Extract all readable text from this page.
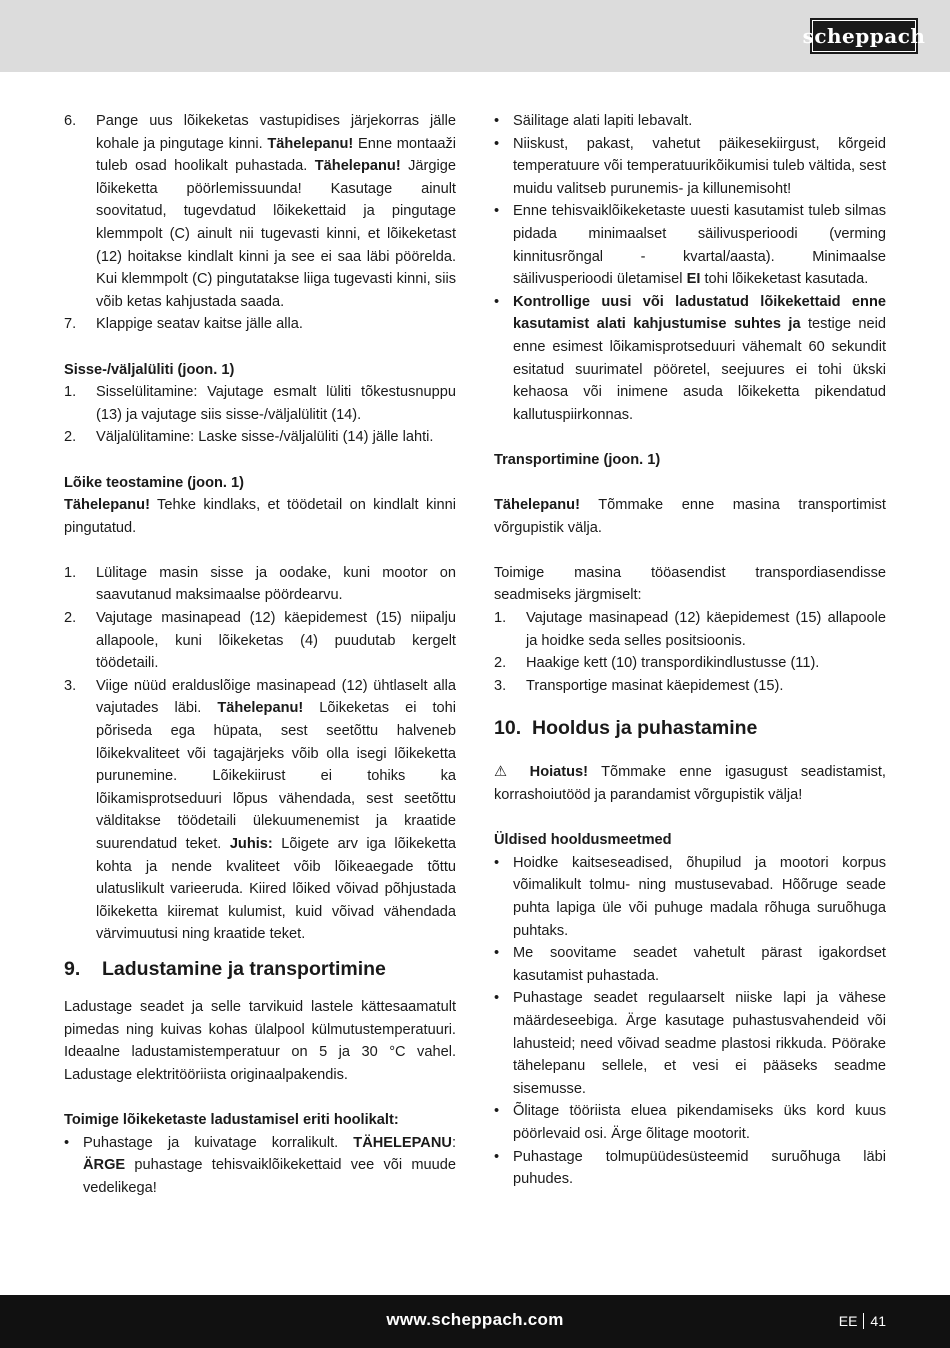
scheppach
6. Pange uus lõikeketas vastupidises järjekorras jälle kohale ja pingutage kinni. Tähelepanu! Enne montaaži tuleb osad hoolikalt puhastada. Tähelepanu! Järgige lõikeketta pöörlemissuunda! Kasutage ainult soovitatud, tugevdatud lõikekettaid ja pingutage klemmpolt (C) ainult nii tugevasti kinni, et lõikeketast (12) hoitakse kindlalt kinni ja see ei saa läbi pöörelda. Kui klemmpolt (C) pingutatakse liiga tugevasti kinni, siis võib ketas kahjustada saada.
7. Klappige seatav kaitse jälle alla.

Sisse-/väljalüliti (joon. 1)

1. Sisselülitamine: Vajutage esmalt lüliti tõkestusnuppu (13) ja vajutage siis sisse-/väljalülitit (14).
2. Väljalülitamine: Laske sisse-/väljalüliti (14) jälle lahti.

Lõike teostamine (joon. 1)

Tähelepanu! Tehke kindlaks, et töödetail on kindlalt kinni pingutatud.

1. Lülitage masin sisse ja oodake, kuni mootor on saavutanud maksimaalse pöördearvu.
2. Vajutage masinapead (12) käepidemest (15) niipalju allapoole, kuni lõikeketas (4) puudutab kergelt töödetaili.
3. Viige nüüd eralduslõige masinapead (12) ühtlaselt alla vajutades läbi. Tähelepanu! Lõikeketas ei tohi põriseda ega hüpata, sest seetõttu halveneb lõikekvaliteet või tagajärjeks võib olla isegi lõikeketta purunemine. Lõikekiirust ei tohiks ka lõikamisprotseduuri lõpus vähendada, sest seetõttu välditakse töödetaili ülekuumenemist ja kraatide suurendatud teket. Juhis: Lõigete arv iga lõikeketta kohta ja nende kvaliteet võib lõikeaegade tõttu ulatuslikult varieeruda. Kiired lõiked võivad põhjustada lõikeketta kiiremat kulumist, kuid võivad vähendada värvimuutusi ning kraatide teket.
9.	Ladustamine ja transportimine

Ladustage seadet ja selle tarvikuid lastele kättesaamatult pimedas ning kuivas kohas ülalpool külmutustemperatuuri. Ideaalne ladustamistemperatuur on 5 ja 30 °C vahel. Ladustage elektritööriista originaalpakendis.

Toimige lõikeketaste ladustamisel eriti hoolikalt:

• Puhastage ja kuivatage korralikult. TÄHELEPANU: ÄRGE puhastage tehisvaiklõikekettaid vee või muude vedelikega!
• Säilitage alati lapiti lebavalt.
• Niiskust, pakast, vahetut päikesekiirgust, kõrgeid temperatuure või temperatuurikõikumisi tuleb vältida, sest muidu valitseb purunemis- ja killunemisoht!
• Enne tehisvaiklõikeketaste uuesti kasutamist tuleb silmas pidada minimaalset säilivusperioodi (verming kinnitusrõngal - kvartal/aasta). Minimaalse säilivusperioodi ületamisel EI tohi lõikeketast kasutada.
• Kontrollige uusi või ladustatud lõikekettaid enne kasutamist alati kahjustumise suhtes ja testige neid enne esimest lõikamisprotseduuri vähemalt 60 sekundit esitatud suurimatel pööretel, seejuures ei tohi ükski kehaosa või inimene asuda lõikeketta pikendatud kallutuspiirkonnas.

Transportimine (joon. 1)

Tähelepanu! Tõmmake enne masina transportimist võrgupistik välja.

Toimige masina tööasendist transpordiasendisse seadmiseks järgmiselt:

1. Vajutage masinapead (12) käepidemest (15) allapoole ja hoidke seda selles positsioonis.
2. Haakige kett (10) transpordikindlustusse (11).
3. Transportige masinat käepidemest (15).
10. Hooldus ja puhastamine

⚠ Hoiatus! Tõmmake enne igasugust seadistamist, korrashoiutööd ja parandamist võrgupistik välja!

Üldised hooldusmeetmed

• Hoidke kaitseseadised, õhupilud ja mootori korpus võimalikult tolmu- ning mustusevabad. Hõõruge seade puhta lapiga üle või puhuge madala rõhuga suruõhuga puhtaks.
• Me soovitame seadet vahetult pärast igakordset kasutamist puhastada.
• Puhastage seadet regulaarselt niiske lapi ja vähese määrdeseebiga. Ärge kasutage puhastusvahendeid või lahusteid; need võivad seadme plastosi rikkuda. Pöörake tähelepanu sellele, et vesi ei pääseks seadme sisemusse.
• Õlitage tööriista eluea pikendamiseks üks kord kuus pöörlevaid osi. Ärge õlitage mootorit.
• Puhastage tolmupüüdesüsteemid suruõhuga läbi puhudes.
www.scheppach.com	EE 41
